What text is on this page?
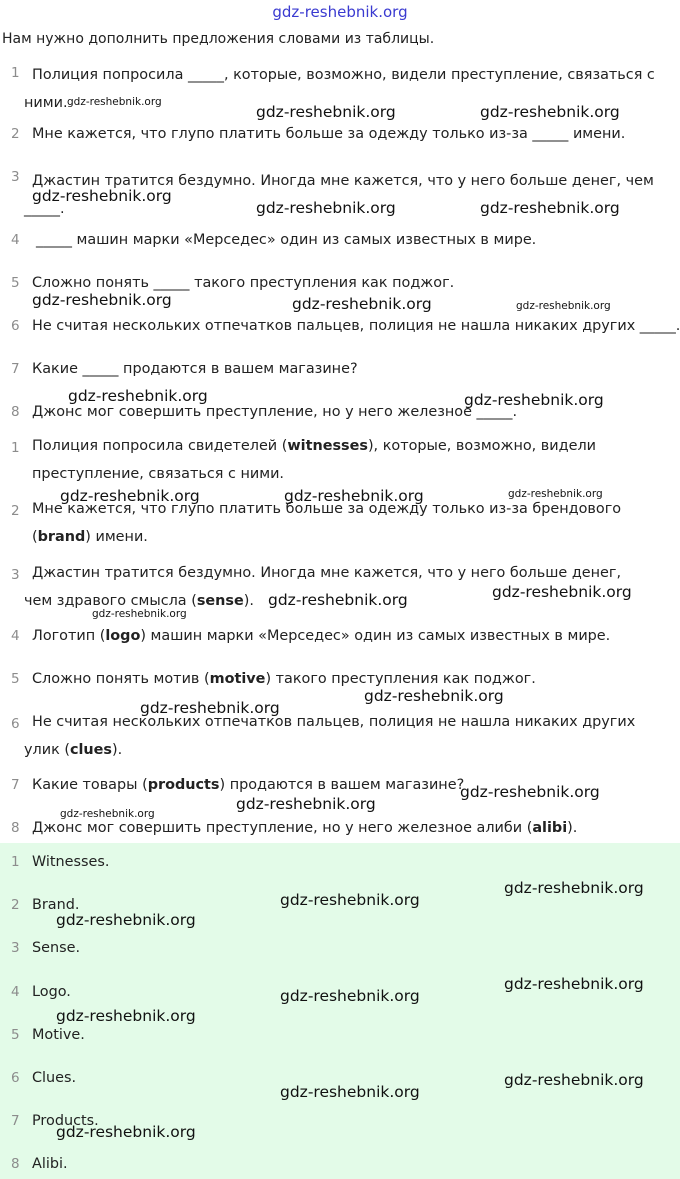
gdz-reshebnik.org
Нам нужно дополнить предложения словами из таблицы.
1 Полиция попросила _____, которые, возможно, видели преступление, связаться с
ними.
2 Мне кажется, что глупо платить больше за одежду только из-за _____ имени.
3 Джастин тратится бездумно. Иногда мне кажется, что у него больше денег, чем
_____.
4 _____ машин марки «Мерседес» один из самых известных в мире.
5 Сложно понять _____ такого преступления как поджог.
6 Не считая нескольких отпечатков пальцев, полиция не нашла никаких других _____.
7 Какие _____ продаются в вашем магазине?
8 Джонс мог совершить преступление, но у него железное _____.
1 Полиция попросила свидетелей (witnesses), которые, возможно, видели преступление, связаться с ними.
2 Мне кажется, что глупо платить больше за одежду только из-за брендового (brand) имени.
3 Джастин тратится бездумно. Иногда мне кажется, что у него больше денег, чем здравого смысла (sense).
4 Логотип (logo) машин марки «Мерседес» один из самых известных в мире.
5 Сложно понять мотив (motive) такого преступления как поджог.
6 Не считая нескольких отпечатков пальцев, полиция не нашла никаких других улик (clues).
7 Какие товары (products) продаются в вашем магазине?
8 Джонс мог совершить преступление, но у него железное алиби (alibi).
1 Witnesses.
2 Brand.
3 Sense.
4 Logo.
5 Motive.
6 Clues.
7 Products.
8 Alibi.
gdz-reshebnik.org
gdz-reshebnik.org	gdz-reshebnik.org
gdz-reshebnik.org
gdz-reshebnik.org	gdz-reshebnik.org
gdz-reshebnik.org	gdz-reshebnik.org	gdz-reshebnik.org
gdz-reshebnik.org	gdz-reshebnik.org
gdz-reshebnik.org	gdz-reshebnik.org	gdz-reshebnik.org
gdz-reshebnik.org
gdz-reshebnik.org
gdz-reshebnik.org
gdz-reshebnik.org
gdz-reshebnik.org
gdz-reshebnik.org
gdz-reshebnik.org
gdz-reshebnik.org
gdz-reshebnik.org
gdz-reshebnik.org
gdz-reshebnik.org
gdz-reshebnik.org
gdz-reshebnik.org
gdz-reshebnik.org
gdz-reshebnik.org
gdz-reshebnik.org
gdz-reshebnik.org
